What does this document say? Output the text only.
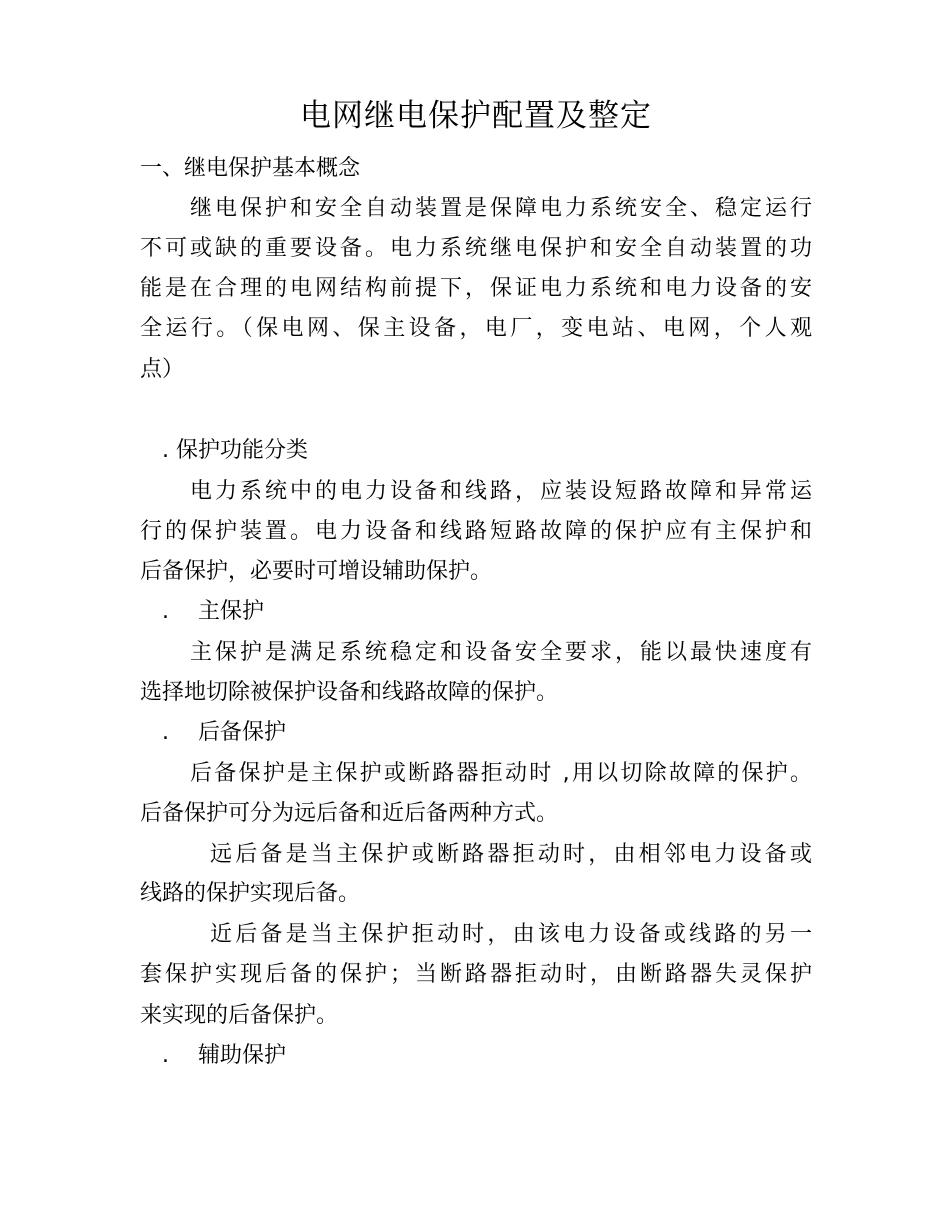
电网继电保护配置及整定
一、继电保护基本概念
继电保护和安全自动装置是保障电力系统安全、稳定运行
不可或缺的重要设备。电力系统继电保护和安全自动装置的功
能是在合理的电网结构前提下，保证电力系统和电力设备的安
全运行。（保电网、保主设备，电厂，变电站、电网，个人观
点）
. 保护功能分类
电力系统中的电力设备和线路，应装设短路故障和异常运
行的保护装置。电力设备和线路短路故障的保护应有主保护和
后备保护，必要时可增设辅助保护。
. 主保护
主保护是满足系统稳定和设备安全要求，能以最快速度有
选择地切除被保护设备和线路故障的保护。
. 后备保护
后备保护是主保护或断路器拒动时 ,用以切除故障的保护。
后备保护可分为远后备和近后备两种方式。
远后备是当主保护或断路器拒动时，由相邻电力设备或
线路的保护实现后备。
近后备是当主保护拒动时，由该电力设备或线路的另一
套保护实现后备的保护；当断路器拒动时，由断路器失灵保护
来实现的后备保护。
. 辅助保护
